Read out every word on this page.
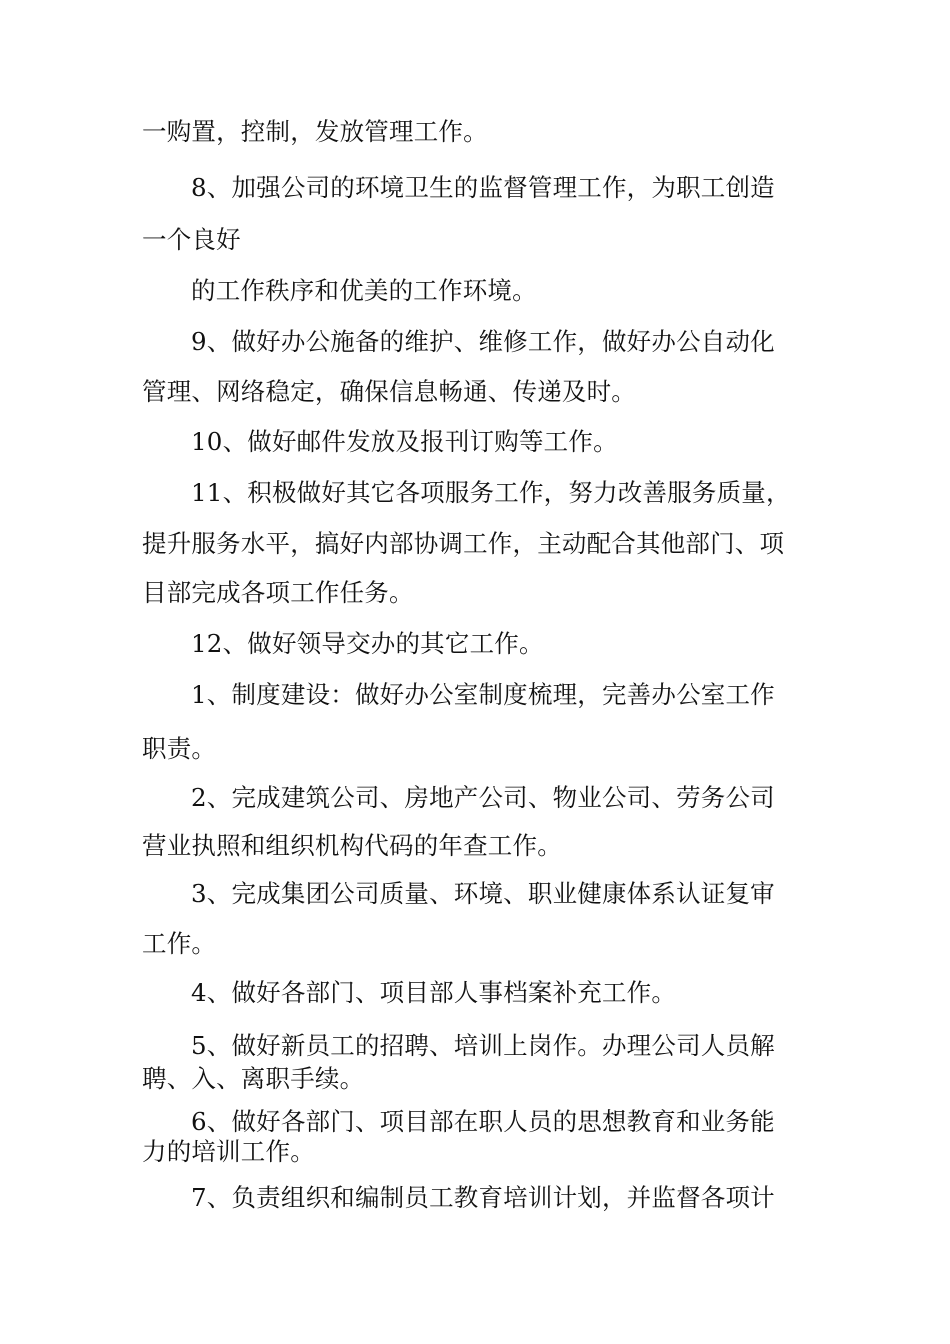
一购置，控制，发放管理工作。
8、加强公司的环境卫生的监督管理工作，为职工创造
一个良好
的工作秩序和优美的工作环境。
9、做好办公施备的维护、维修工作，做好办公自动化
管理、网络稳定，确保信息畅通、传递及时。
10、做好邮件发放及报刊订购等工作。
11、积极做好其它各项服务工作，努力改善服务质量，
提升服务水平，搞好内部协调工作，主动配合其他部门、项
目部完成各项工作任务。
12、做好领导交办的其它工作。
1、制度建设：做好办公室制度梳理，完善办公室工作
职责。
2、完成建筑公司、房地产公司、物业公司、劳务公司
营业执照和组织机构代码的年查工作。
3、完成集团公司质量、环境、职业健康体系认证复审
工作。
4、做好各部门、项目部人事档案补充工作。
5、做好新员工的招聘、培训上岗作。办理公司人员解
聘、入、离职手续。
6、做好各部门、项目部在职人员的思想教育和业务能
力的培训工作。
7、负责组织和编制员工教育培训计划，并监督各项计
